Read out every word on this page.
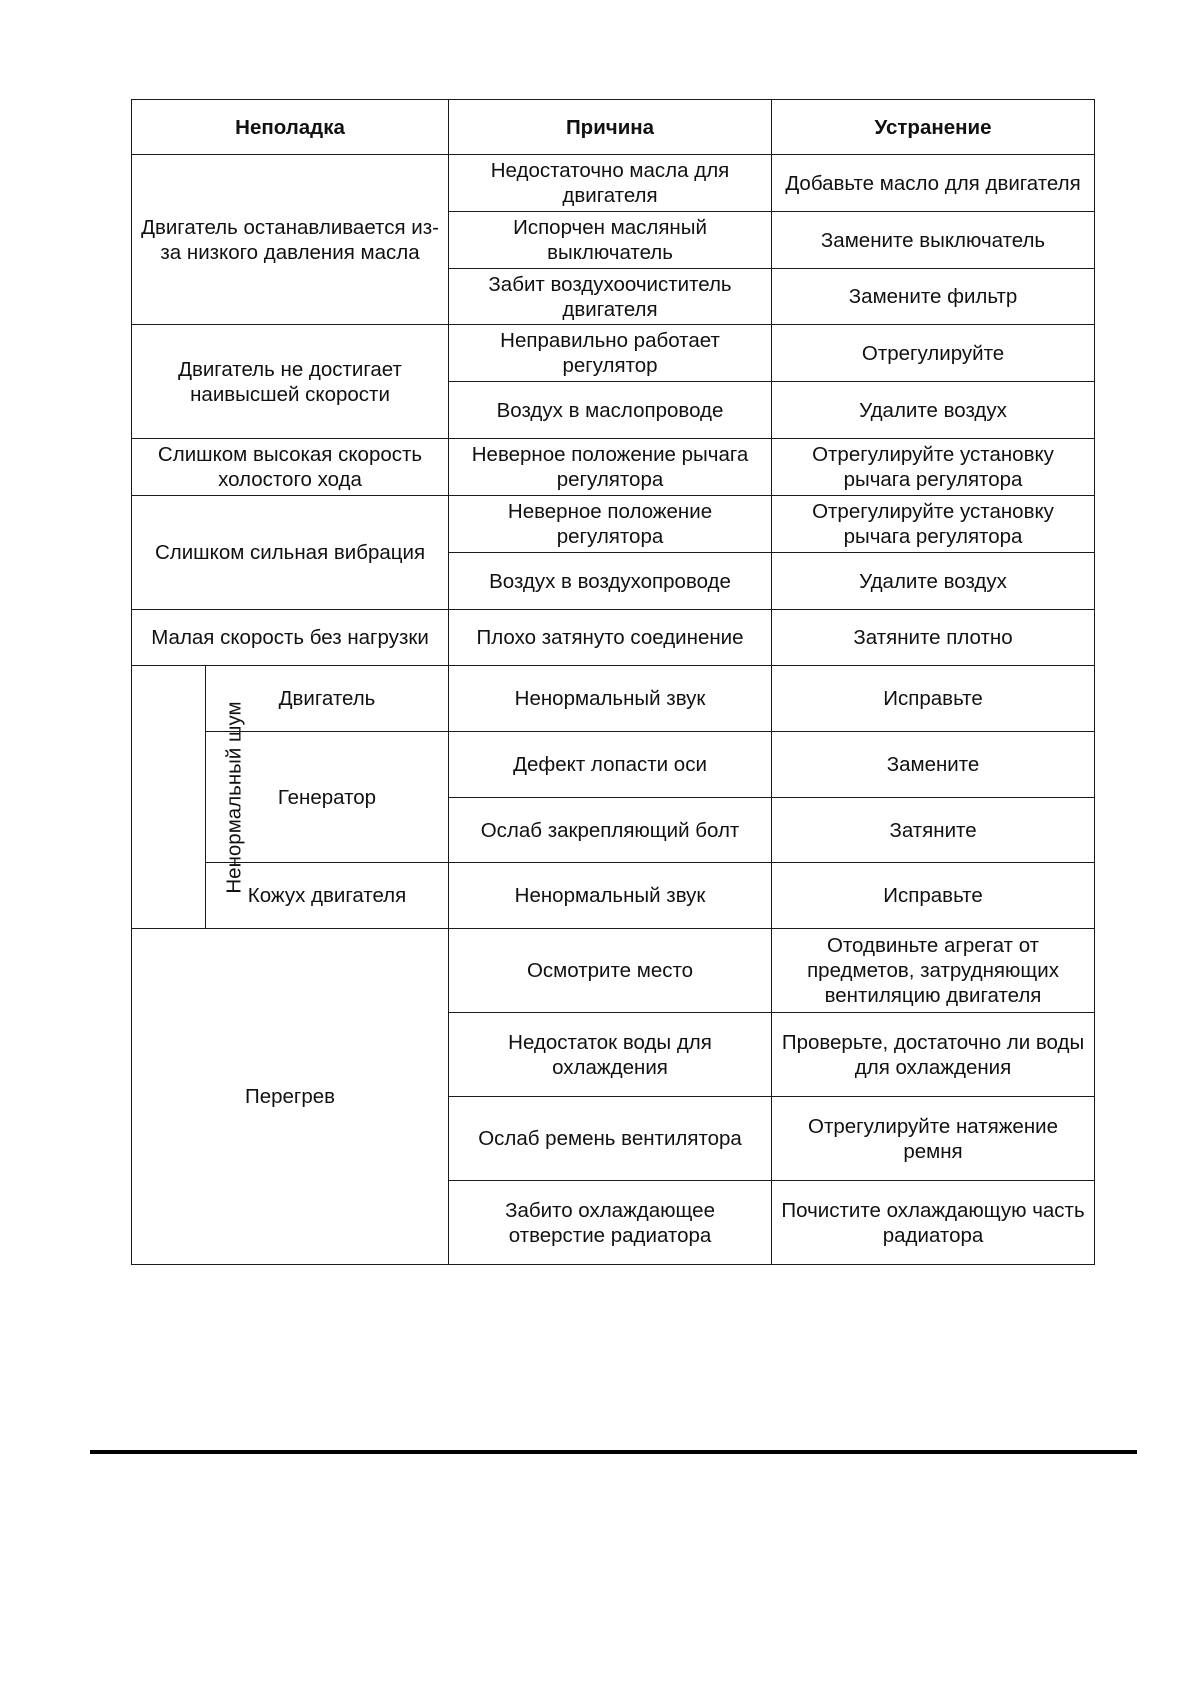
Неполадка		Причина	Устранение
Двигатель останавливается из-за низкого давления масла		Недостаточно масла для двигателя	Добавьте масло для двигателя
		Испорчен масляный выключатель	Замените выключатель
		Забит воздухоочиститель двигателя	Замените фильтр
Двигатель не достигает наивысшей скорости		Неправильно работает регулятор	Отрегулируйте
		Воздух в маслопроводе	Удалите воздух
Слишком высокая скорость холостого хода		Неверное положение рычага регулятора	Отрегулируйте установку рычага регулятора
Слишком сильная вибрация		Неверное положение регулятора	Отрегулируйте установку рычага регулятора
		Воздух в воздухопроводе	Удалите воздух
Малая скорость без нагрузки		Плохо затянуто соединение	Затяните плотно
Ненормальный шум	Двигатель	Ненормальный звук	Исправьте
	Генератор	Дефект лопасти оси	Замените
		Ослаб закрепляющий болт	Затяните
	Кожух двигателя	Ненормальный звук	Исправьте
Перегрев		Осмотрите место	Отодвиньте агрегат от предметов, затрудняющих вентиляцию двигателя
		Недостаток воды для охлаждения	Проверьте, достаточно ли воды для охлаждения
		Ослаб ремень вентилятора	Отрегулируйте натяжение ремня
		Забито охлаждающее отверстие радиатора	Почистите охлаждающую часть радиатора
